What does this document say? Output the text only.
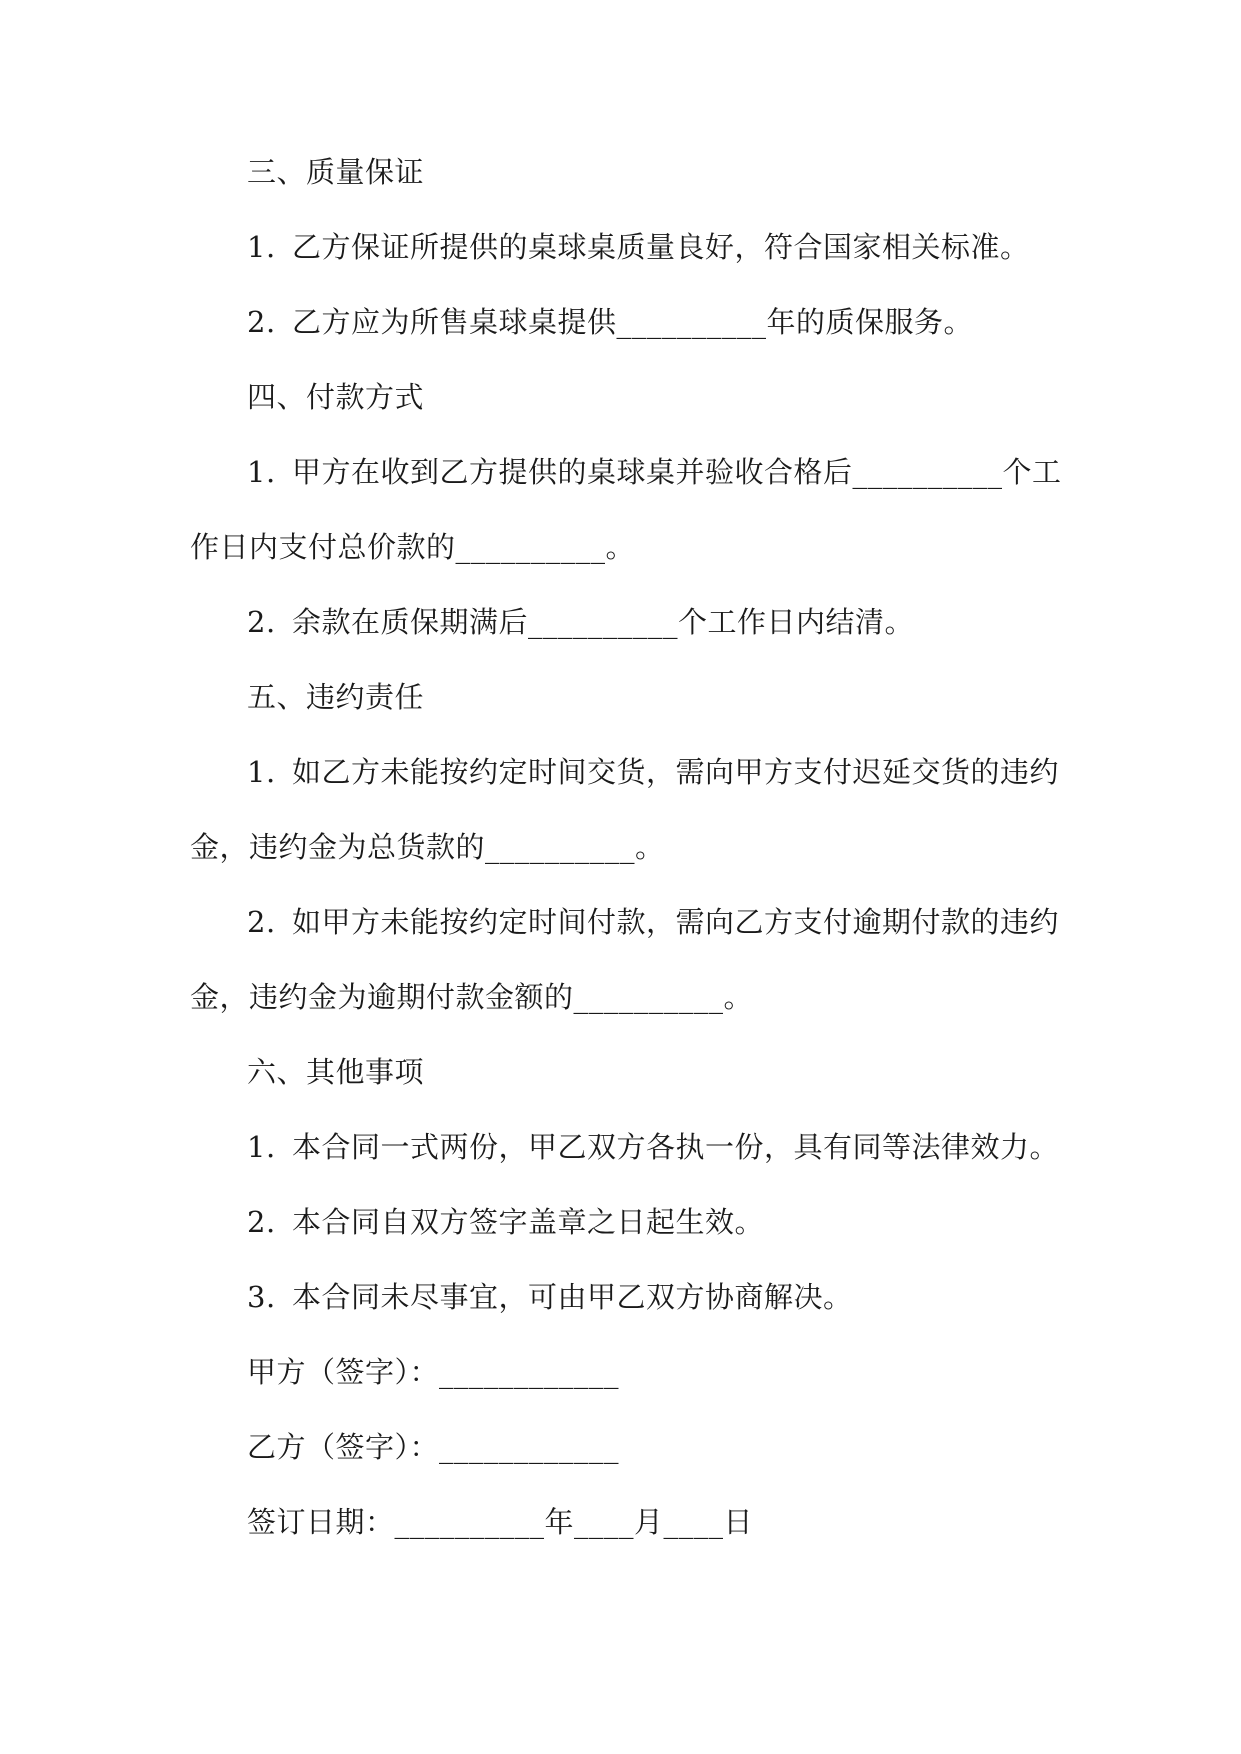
三、质量保证
1. 乙方保证所提供的桌球桌质量良好，符合国家相关标准。
2. 乙方应为所售桌球桌提供__________年的质保服务。
四、付款方式
1. 甲方在收到乙方提供的桌球桌并验收合格后__________个工
作日内支付总价款的__________。
2. 余款在质保期满后__________个工作日内结清。
五、违约责任
1. 如乙方未能按约定时间交货，需向甲方支付迟延交货的违约
金，违约金为总货款的__________。
2. 如甲方未能按约定时间付款，需向乙方支付逾期付款的违约
金，违约金为逾期付款金额的__________。
六、其他事项
1. 本合同一式两份，甲乙双方各执一份，具有同等法律效力。
2. 本合同自双方签字盖章之日起生效。
3. 本合同未尽事宜，可由甲乙双方协商解决。
甲方（签字）：____________
乙方（签字）：____________
签订日期：__________年____月____日
